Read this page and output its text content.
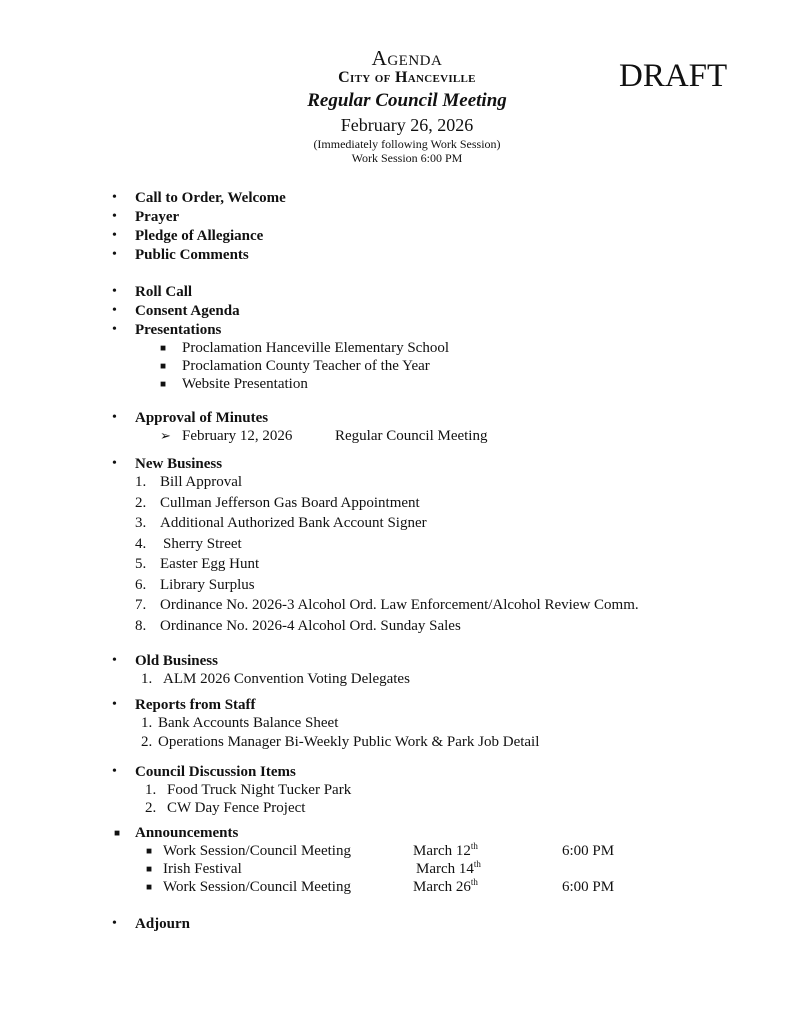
Agenda
City of Hanceville
Regular Council Meeting
February 26, 2026
(Immediately following Work Session)
Work Session 6:00 PM
DRAFT
• Call to Order, Welcome
• Prayer
• Pledge of Allegiance
• Public Comments
• Roll Call
• Consent Agenda
• Presentations
■ Proclamation Hanceville Elementary School
■ Proclamation County Teacher of the Year
■ Website Presentation
• Approval of Minutes
➢ February 12, 2026	Regular Council Meeting
• New Business
1. Bill Approval
2. Cullman Jefferson Gas Board Appointment
3. Additional Authorized Bank Account Signer
4. Sherry Street
5. Easter Egg Hunt
6. Library Surplus
7. Ordinance No. 2026-3 Alcohol Ord. Law Enforcement/Alcohol Review Comm.
8. Ordinance No. 2026-4 Alcohol Ord. Sunday Sales
• Old Business
1. ALM 2026 Convention Voting Delegates
• Reports from Staff
1. Bank Accounts Balance Sheet
2. Operations Manager Bi-Weekly Public Work & Park Job Detail
• Council Discussion Items
1. Food Truck Night Tucker Park
2. CW Day Fence Project
■ Announcements
■ Work Session/Council Meeting	March 12th	6:00 PM
■ Irish Festival	March 14th
■ Work Session/Council Meeting	March 26th	6:00 PM
• Adjourn
